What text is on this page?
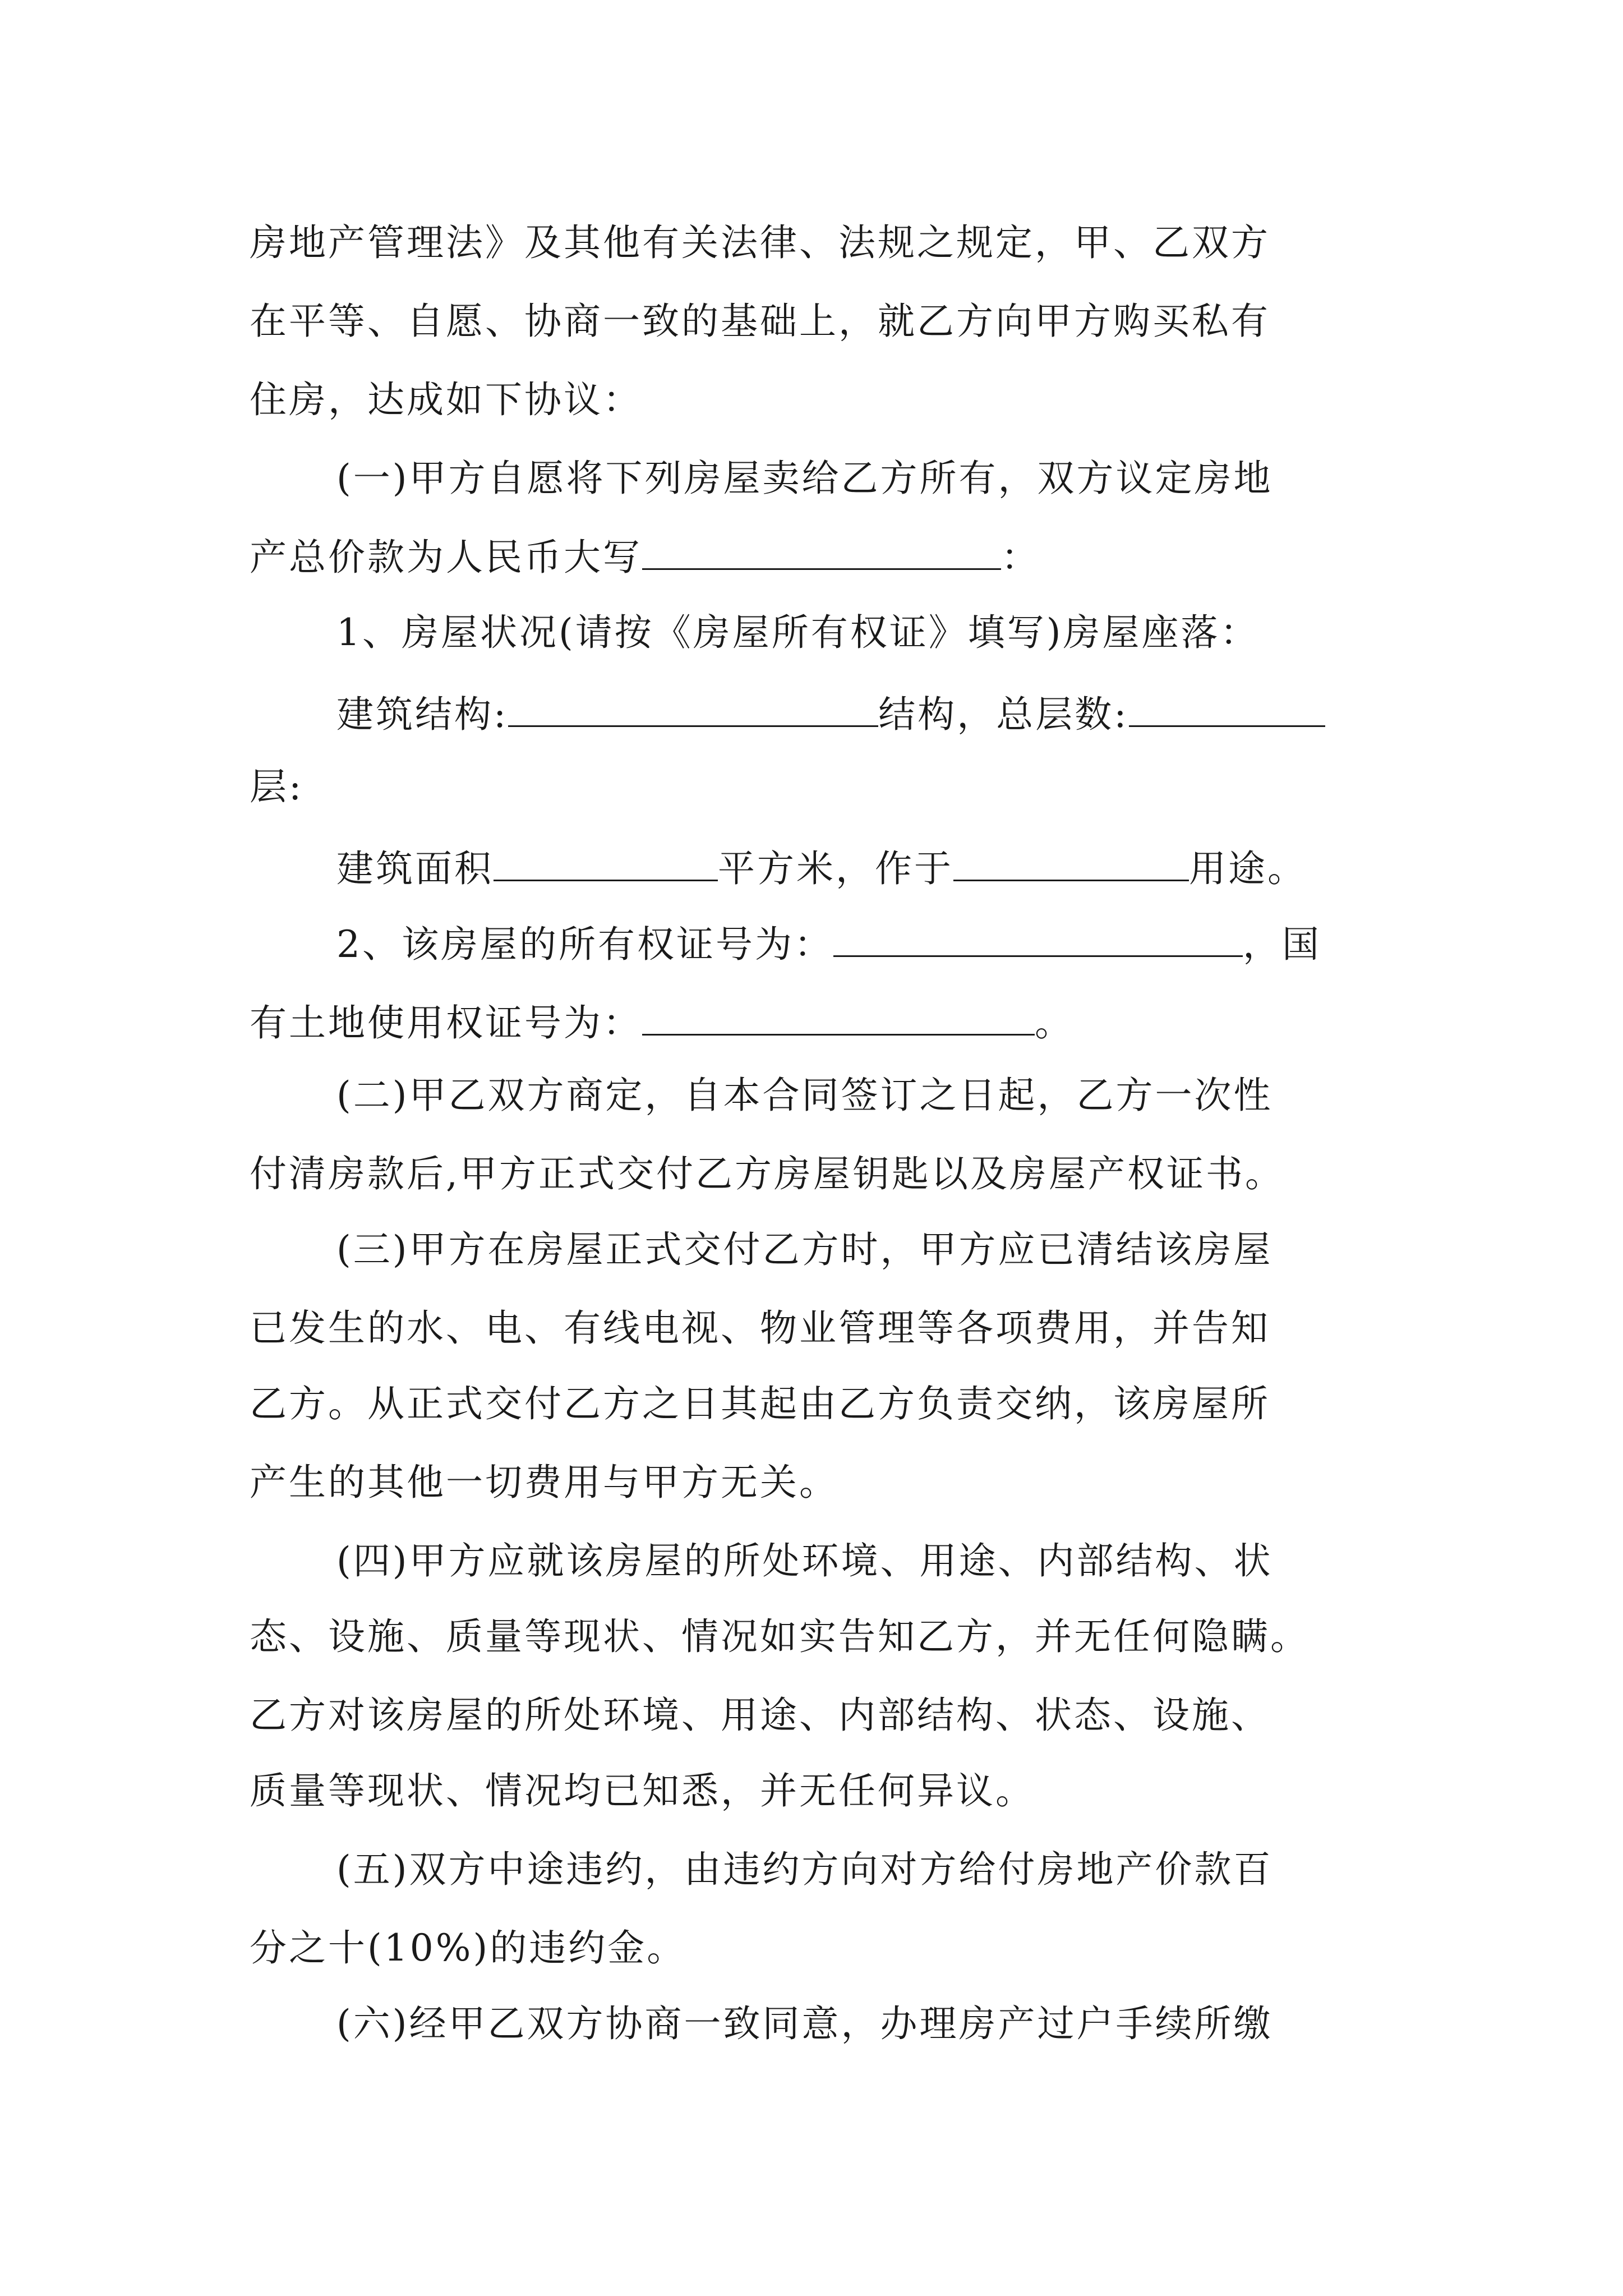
房地产管理法》及其他有关法律、法规之规定，甲、乙双方
在平等、自愿、协商一致的基础上，就乙方向甲方购买私有
住房，达成如下协议：
(一)甲方自愿将下列房屋卖给乙方所有，双方议定房地
产总价款为人民币大写	：
1、房屋状况(请按《房屋所有权证》填写)房屋座落：
建筑结构:	结构，总层数:
层:
建筑面积	平方米，作于	用途。
2、该房屋的所有权证号为：	，国
有土地使用权证号为：	。
(二)甲乙双方商定，自本合同签订之日起，乙方一次性
付清房款后,甲方正式交付乙方房屋钥匙以及房屋产权证书。
(三)甲方在房屋正式交付乙方时，甲方应已清结该房屋
已发生的水、电、有线电视、物业管理等各项费用，并告知
乙方。从正式交付乙方之日其起由乙方负责交纳，该房屋所
产生的其他一切费用与甲方无关。
(四)甲方应就该房屋的所处环境、用途、内部结构、状
态、设施、质量等现状、情况如实告知乙方，并无任何隐瞒。
乙方对该房屋的所处环境、用途、内部结构、状态、设施、
质量等现状、情况均已知悉，并无任何异议。
(五)双方中途违约，由违约方向对方给付房地产价款百
分之十(10%)的违约金。
(六)经甲乙双方协商一致同意，办理房产过户手续所缴
